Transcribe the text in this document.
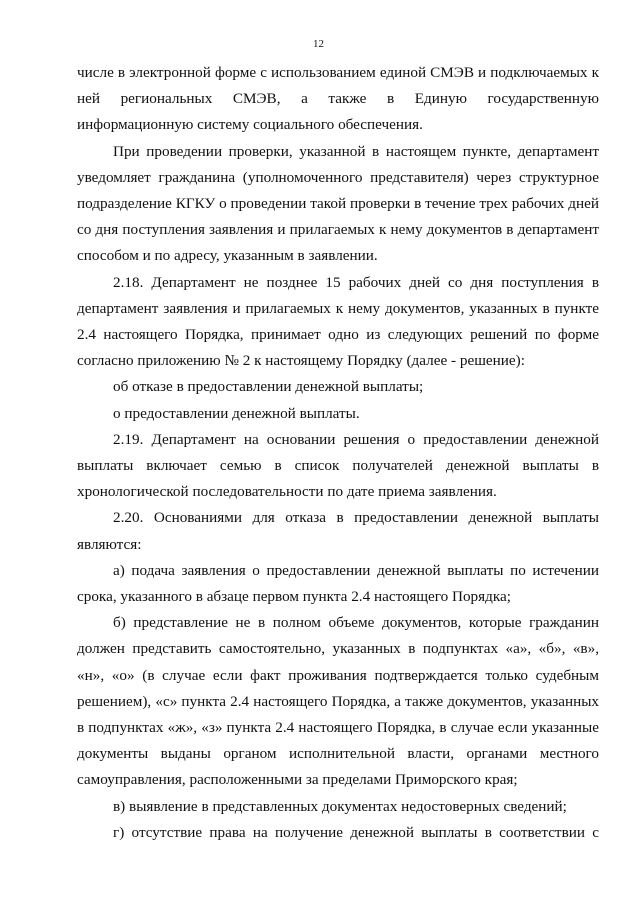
12

числе в электронной форме с использованием единой СМЭВ и подключаемых к ней региональных СМЭВ, а также в Единую государственную информационную систему социального обеспечения.

При проведении проверки, указанной в настоящем пункте, департамент уведомляет гражданина (уполномоченного представителя) через структурное подразделение КГКУ о проведении такой проверки в течение трех рабочих дней со дня поступления заявления и прилагаемых к нему документов в департамент способом и по адресу, указанным в заявлении.

2.18. Департамент не позднее 15 рабочих дней со дня поступления в департамент заявления и прилагаемых к нему документов, указанных в пункте 2.4 настоящего Порядка, принимает одно из следующих решений по форме согласно приложению № 2 к настоящему Порядку (далее - решение):

об отказе в предоставлении денежной выплаты;

о предоставлении денежной выплаты.

2.19. Департамент на основании решения о предоставлении денежной выплаты включает семью в список получателей денежной выплаты в хронологической последовательности по дате приема заявления.

2.20. Основаниями для отказа в предоставлении денежной выплаты являются:

а) подача заявления о предоставлении денежной выплаты по истечении срока, указанного в абзаце первом пункта 2.4 настоящего Порядка;

б) представление не в полном объеме документов, которые гражданин должен представить самостоятельно, указанных в подпунктах «а», «б», «в», «н», «о» (в случае если факт проживания подтверждается только судебным решением), «с» пункта 2.4 настоящего Порядка, а также документов, указанных в подпунктах «ж», «з» пункта 2.4 настоящего Порядка, в случае если указанные документы выданы органом исполнительной власти, органами местного самоуправления, расположенными за пределами Приморского края;

в) выявление в представленных документах недостоверных сведений;

г) отсутствие права на получение денежной выплаты в соответствии с
